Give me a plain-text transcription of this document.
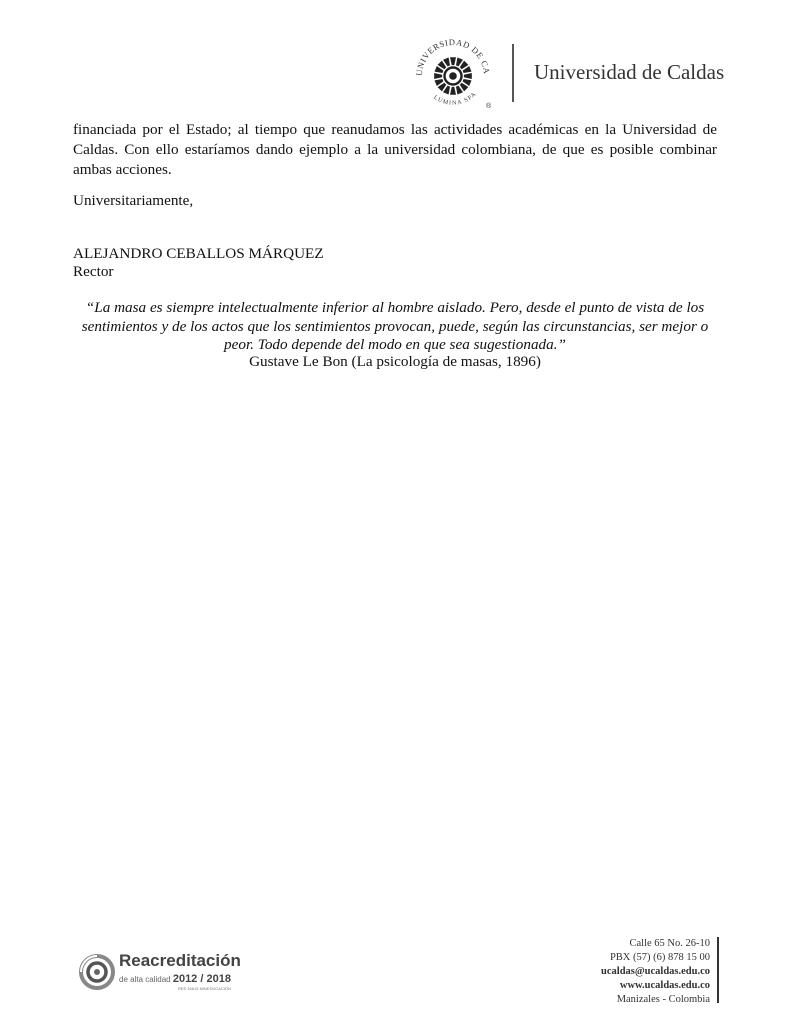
UNIVERSIDAD DE CA
LUMINA SPA
®
Universidad de Caldas
financiada por el Estado; al tiempo que reanudamos las actividades académicas en la Universidad de Caldas. Con ello estaríamos dando ejemplo a la universidad colombiana, de que es posible combinar ambas acciones.
Universitariamente,
ALEJANDRO CEBALLOS MÁRQUEZ
Rector
“La masa es siempre intelectualmente inferior al hombre aislado. Pero, desde el punto de vista de los sentimientos y de los actos que los sentimientos provocan, puede, según las circunstancias, ser mejor o peor. Todo depende del modo en que sea sugestionada.”
Gustave Le Bon (La psicología de masas, 1896)
Reacreditación
de alta calidad 2012 / 2018
RES 16615 MINEDUCACIÓN
Calle 65 No. 26-10
PBX (57) (6) 878 15 00
ucaldas@ucaldas.edu.co
www.ucaldas.edu.co
Manizales - Colombia
